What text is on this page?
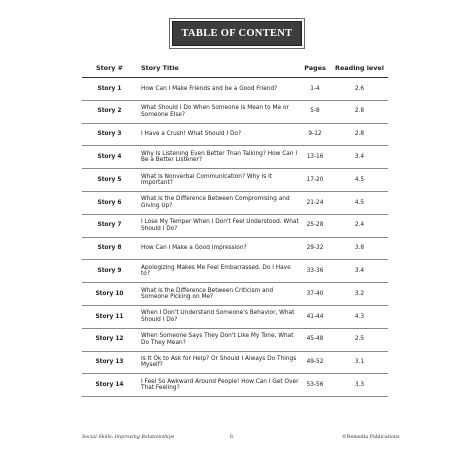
TABLE OF CONTENT
Story #	Story Title	Pages	Reading level
Story 1	How Can I Make Friends and be a Good Friend?	1-4	2.6
Story 2	What Should I Do When Someone is Mean to Me or Someone Else?	5-8	2.8
Story 3	I Have a Crush! What Should I Do?	9-12	2.8
Story 4	Why Is Listening Even Better Than Talking? How Can I Be a Better Listener?	13-16	3.4
Story 5	What Is Nonverbal Communication? Why Is It Important?	17-20	4.5
Story 6	What Is the Difference Between Compromising and Giving Up?	21-24	4.5
Story 7	I Lose My Temper When I Don't Feel Understood. What Should I Do?	25-28	2.4
Story 8	How Can I Make a Good Impression?	29-32	3.8
Story 9	Apologizing Makes Me Feel Embarrassed. Do I Have to?	33-36	3.4
Story 10	What Is the Difference Between Criticism and Someone Picking on Me?	37-40	3.2
Story 11	When I Don't Understand Someone's Behavior, What Should I Do?	41-44	4.3
Story 12	When Someone Says They Don't Like My Tone, What Do They Mean?	45-48	2.5
Story 13	Is It Ok to Ask for Help? Or Should I Always Do Things Myself?	49-52	3.1
Story 14	I Feel So Awkward Around People! How Can I Get Over That Feeling?	53-56	3.3
Social Skills: Improving Relationships	6	©Remedia Publications
